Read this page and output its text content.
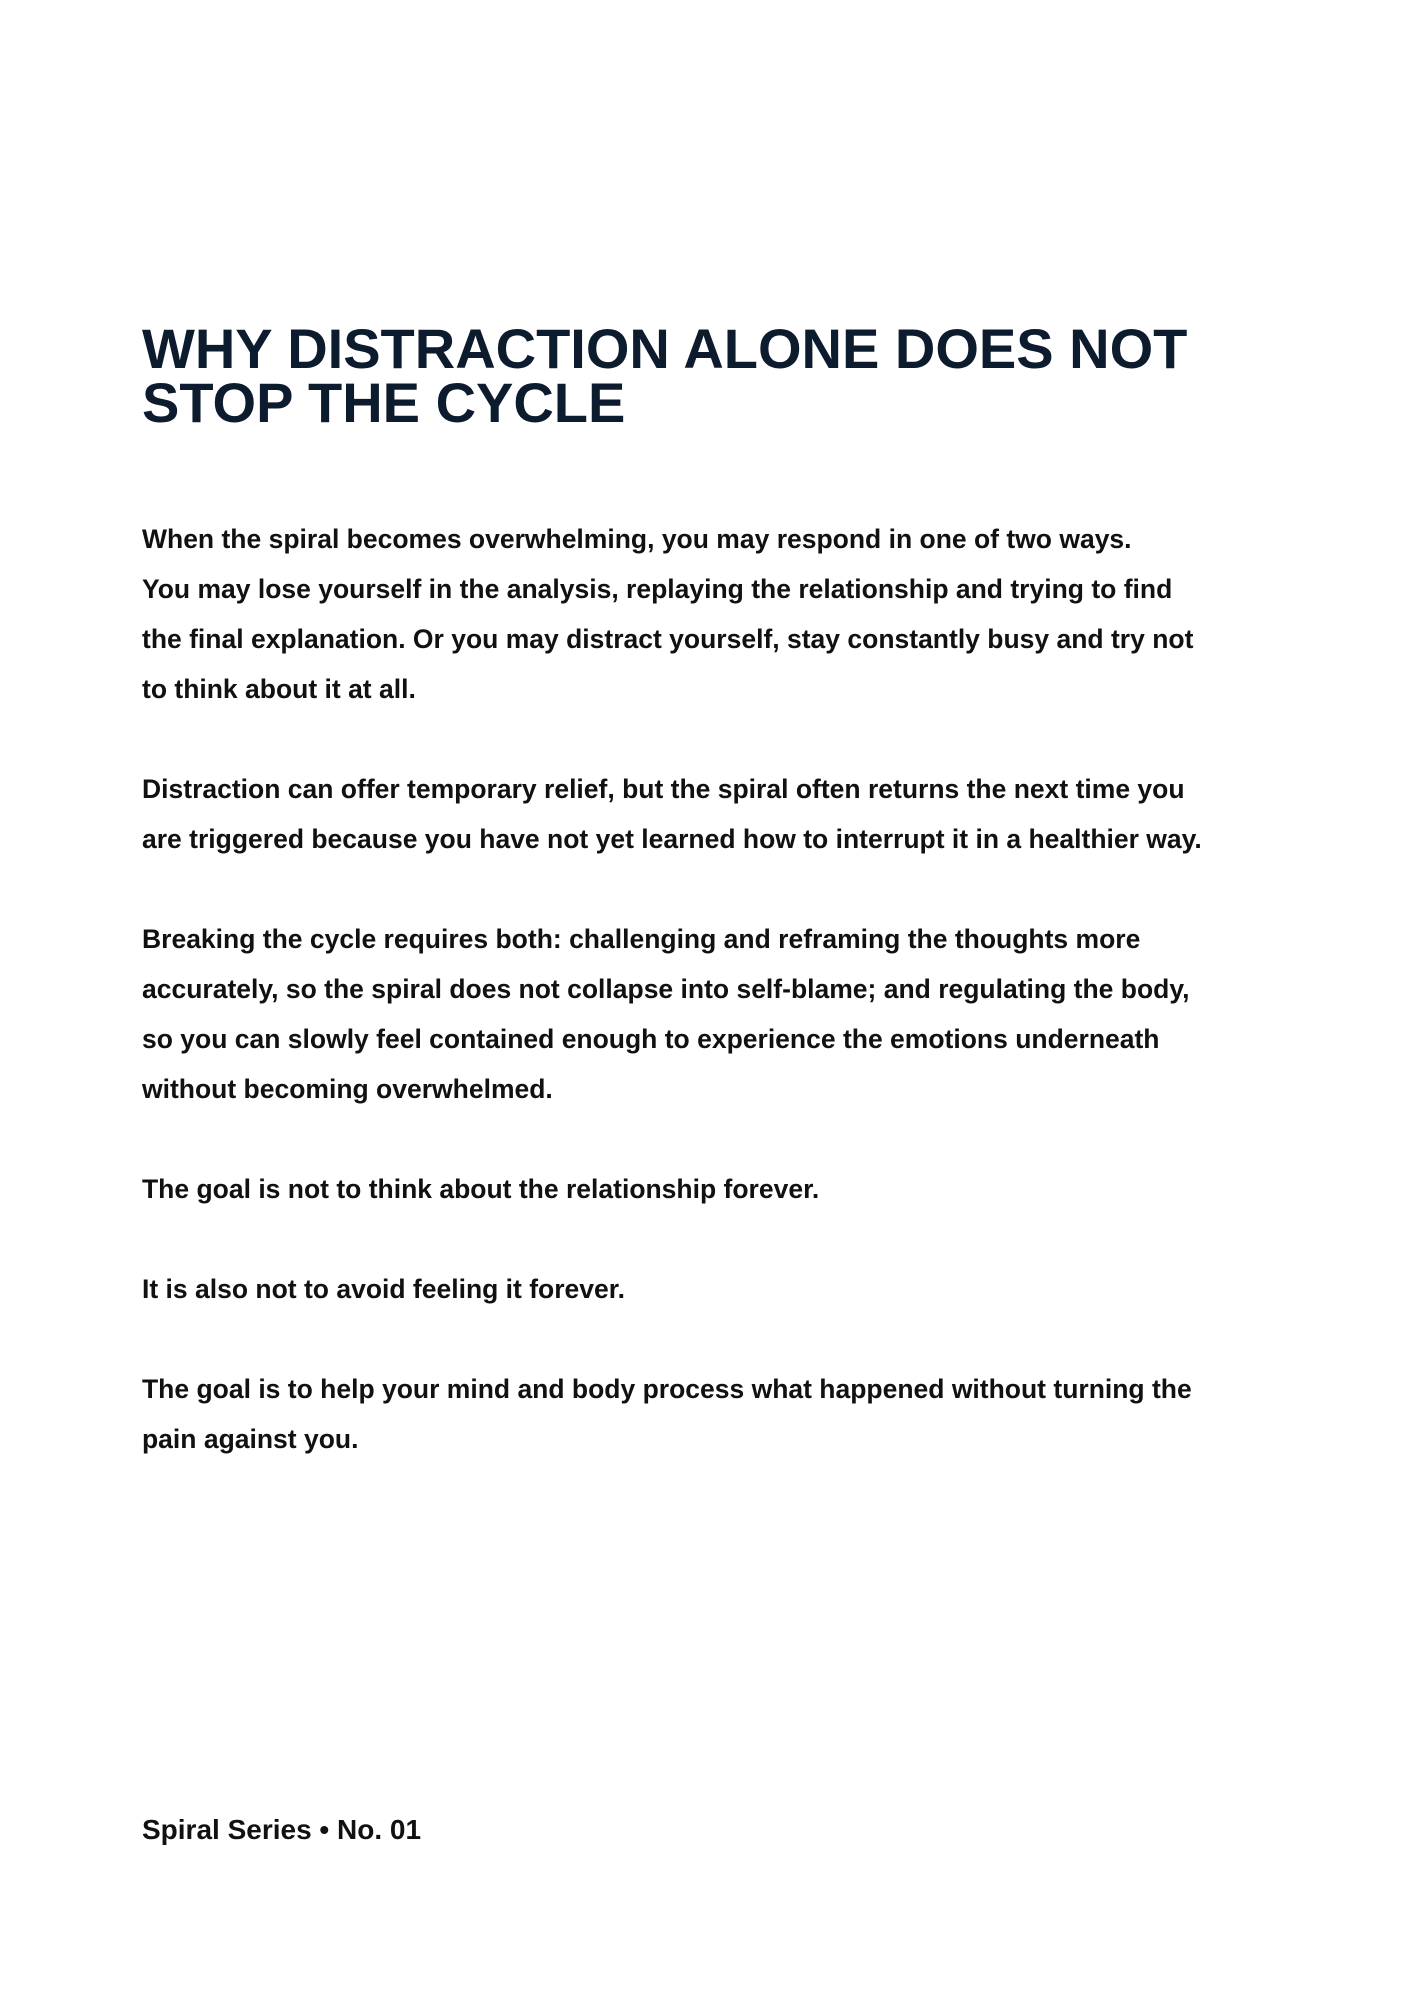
WHY DISTRACTION ALONE DOES NOT
STOP THE CYCLE

When the spiral becomes overwhelming, you may respond in one of two ways.
You may lose yourself in the analysis, replaying the relationship and trying to find
the final explanation. Or you may distract yourself, stay constantly busy and try not
to think about it at all.

Distraction can offer temporary relief, but the spiral often returns the next time you
are triggered because you have not yet learned how to interrupt it in a healthier way.

Breaking the cycle requires both: challenging and reframing the thoughts more
accurately, so the spiral does not collapse into self-blame; and regulating the body,
so you can slowly feel contained enough to experience the emotions underneath
without becoming overwhelmed.

The goal is not to think about the relationship forever.

It is also not to avoid feeling it forever.

The goal is to help your mind and body process what happened without turning the
pain against you.

Spiral Series • No. 01
